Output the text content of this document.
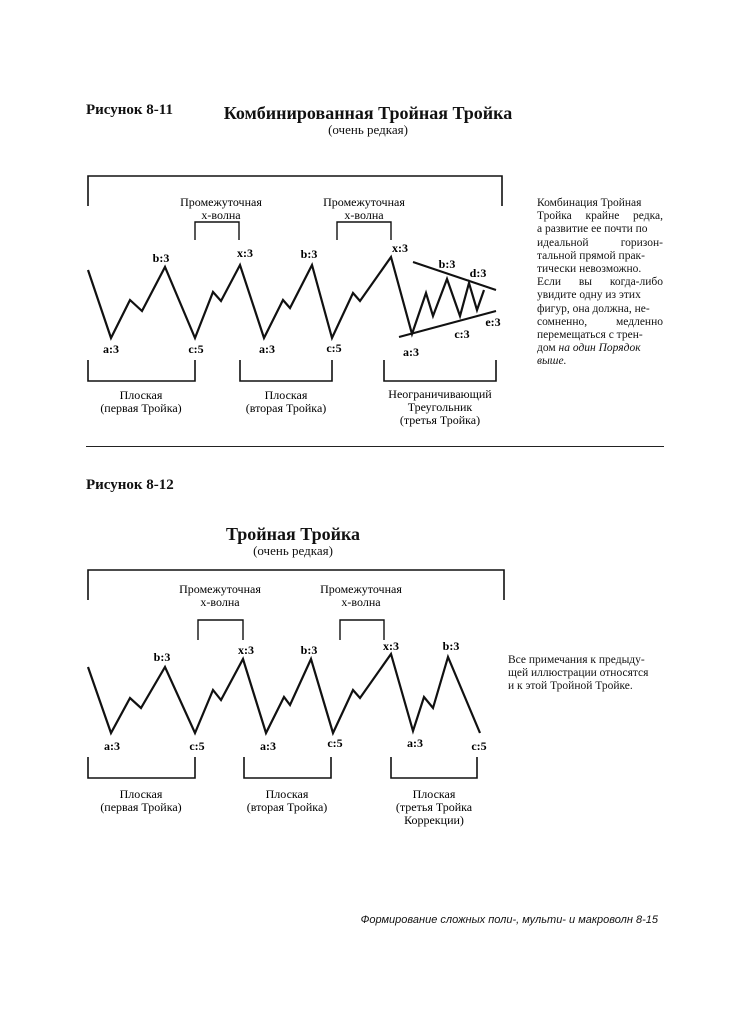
Рисунок 8-11	Комбинированная Тройная Тройка
(очень редкая)
Промежуточная
x-волна
Промежуточная
x-волна
a:3
b:3
c:5
x:3
a:3
b:3
c:5
x:3
a:3
b:3
c:3
d:3
e:3
Плоская
(первая Тройка)
Плоская
(вторая Тройка)
Неограничивающий
Треугольник
(третья Тройка)
Комбинация Тройная
Тройка крайне редка,
а развитие ее почти по
идеальной горизон-
тальной прямой прак-
тически невозможно.
Если вы когда-либо
увидите одну из этих
фигур, она должна, не-
сомненно, медленно
перемещаться с трен-
дом на один Порядок
выше.
Рисунок 8-12
Тройная Тройка
(очень редкая)
Промежуточная
x-волна
Промежуточная
x-волна
a:3
b:3
c:5
x:3
a:3
b:3
c:5
x:3
a:3
b:3
c:5
Плоская
(первая Тройка)
Плоская
(вторая Тройка)
Плоская
(третья Тройка
Коррекции)
Все примечания к предыду-
щей иллюстрации относятся
и к этой Тройной Тройке.
Формирование сложных поли-, мульти- и макроволн 8-15
